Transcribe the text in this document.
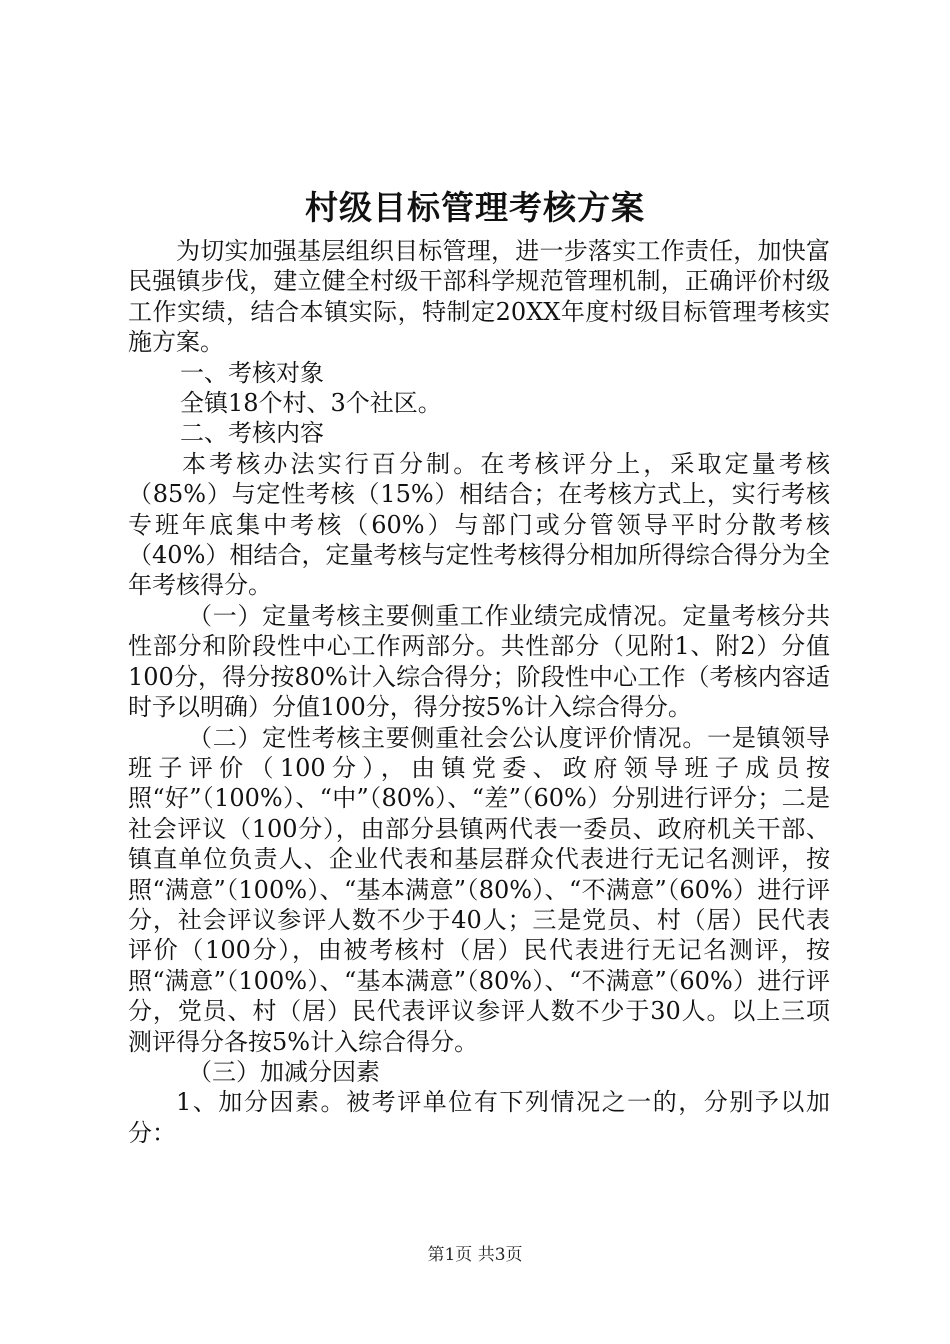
村级目标管理考核方案

为切实加强基层组织目标管理，进一步落实工作责任，加快富民强镇步伐，建立健全村级干部科学规范管理机制，正确评价村级工作实绩，结合本镇实际，特制定20XX年度村级目标管理考核实施方案。

一、考核对象

全镇18个村、3个社区。

二、考核内容

本考核办法实行百分制。在考核评分上，采取定量考核（85%）与定性考核（15%）相结合；在考核方式上，实行考核专班年底集中考核（60%）与部门或分管领导平时分散考核（40%）相结合，定量考核与定性考核得分相加所得综合得分为全年考核得分。

（一）定量考核主要侧重工作业绩完成情况。定量考核分共性部分和阶段性中心工作两部分。共性部分（见附1、附2）分值100分，得分按80%计入综合得分；阶段性中心工作（考核内容适时予以明确）分值100分，得分按5%计入综合得分。

（二）定性考核主要侧重社会公认度评价情况。一是镇领导班子评价（100分），由镇党委、政府领导班子成员按照“好”（100%）、“中”（80%）、“差”（60%）分别进行评分；二是社会评议（100分），由部分县镇两代表一委员、政府机关干部、镇直单位负责人、企业代表和基层群众代表进行无记名测评，按照“满意”（100%）、“基本满意”（80%）、“不满意”（60%）进行评分，社会评议参评人数不少于40人；三是党员、村（居）民代表评价（100分），由被考核村（居）民代表进行无记名测评，按照“满意”（100%）、“基本满意”（80%）、“不满意”（60%）进行评分，党员、村（居）民代表评议参评人数不少于30人。以上三项测评得分各按5%计入综合得分。

（三）加减分因素

1、加分因素。被考评单位有下列情况之一的，分别予以加分：

第1页 共3页
